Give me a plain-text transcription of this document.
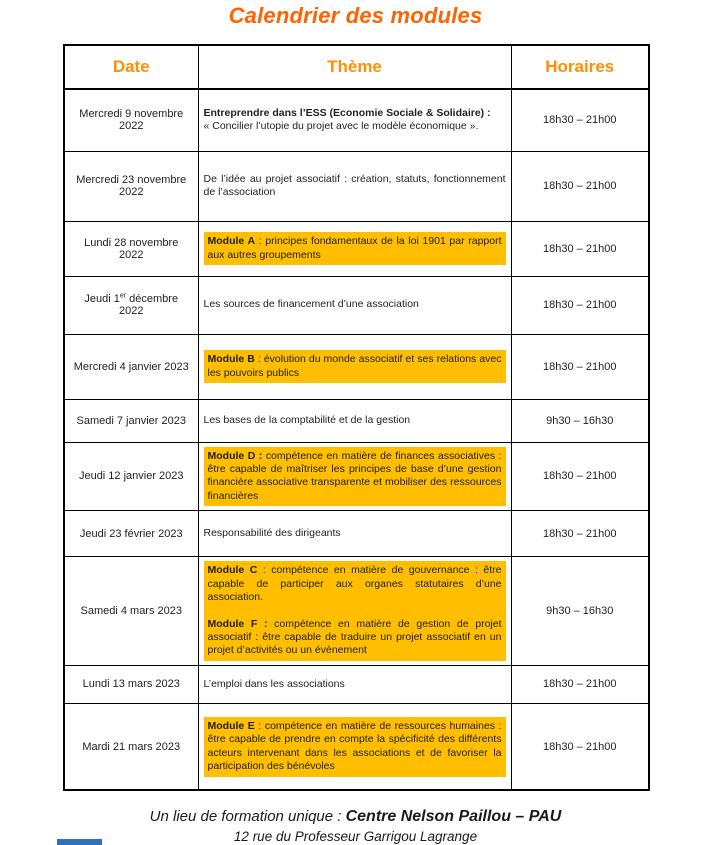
Calendrier des modules
Date	Thème	Horaires
Mercredi 9 novembre 2022	Entreprendre dans l’ESS (Economie Sociale & Solidaire) :

« Concilier l’utopie du projet avec le modèle économique ».	18h30 – 21h00
Mercredi 23 novembre 2022	De l’idée au projet associatif : création, statuts, fonctionnement de l’association	18h30 – 21h00
Lundi 28 novembre 2022	Module A : principes fondamentaux de la loi 1901 par rapport aux autres groupements	18h30 – 21h00
Jeudi 1er décembre 2022	Les sources de financement d’une association	18h30 – 21h00
Mercredi 4 janvier 2023	Module B : évolution du monde associatif et ses relations avec les pouvoirs publics	18h30 – 21h00
Samedi 7 janvier 2023	Les bases de la comptabilité et de la gestion	9h30 – 16h30
Jeudi 12 janvier 2023	Module D : compétence en matière de finances associatives : être capable de maîtriser les principes de base d’une gestion financière associative transparente et mobiliser des ressources financières	18h30 – 21h00
Jeudi 23 février 2023	Responsabilité des dirigeants	18h30 – 21h00
Samedi 4 mars 2023	Module C : compétence en matière de gouvernance : être capable de participer aux organes statutaires d’une association.

Module F : compétence en matière de gestion de projet associatif : être capable de traduire un projet associatif en un projet d’activités ou un évènement	9h30 – 16h30
Lundi 13 mars 2023	L’emploi dans les associations	18h30 – 21h00
Mardi 21 mars 2023	Module E : compétence en matière de ressources humaines : être capable de prendre en compte la spécificité des différents acteurs intervenant dans les associations et de favoriser la participation des bénévoles	18h30 – 21h00
Un lieu de formation unique : Centre Nelson Paillou – PAU
12 rue du Professeur Garrigou Lagrange
